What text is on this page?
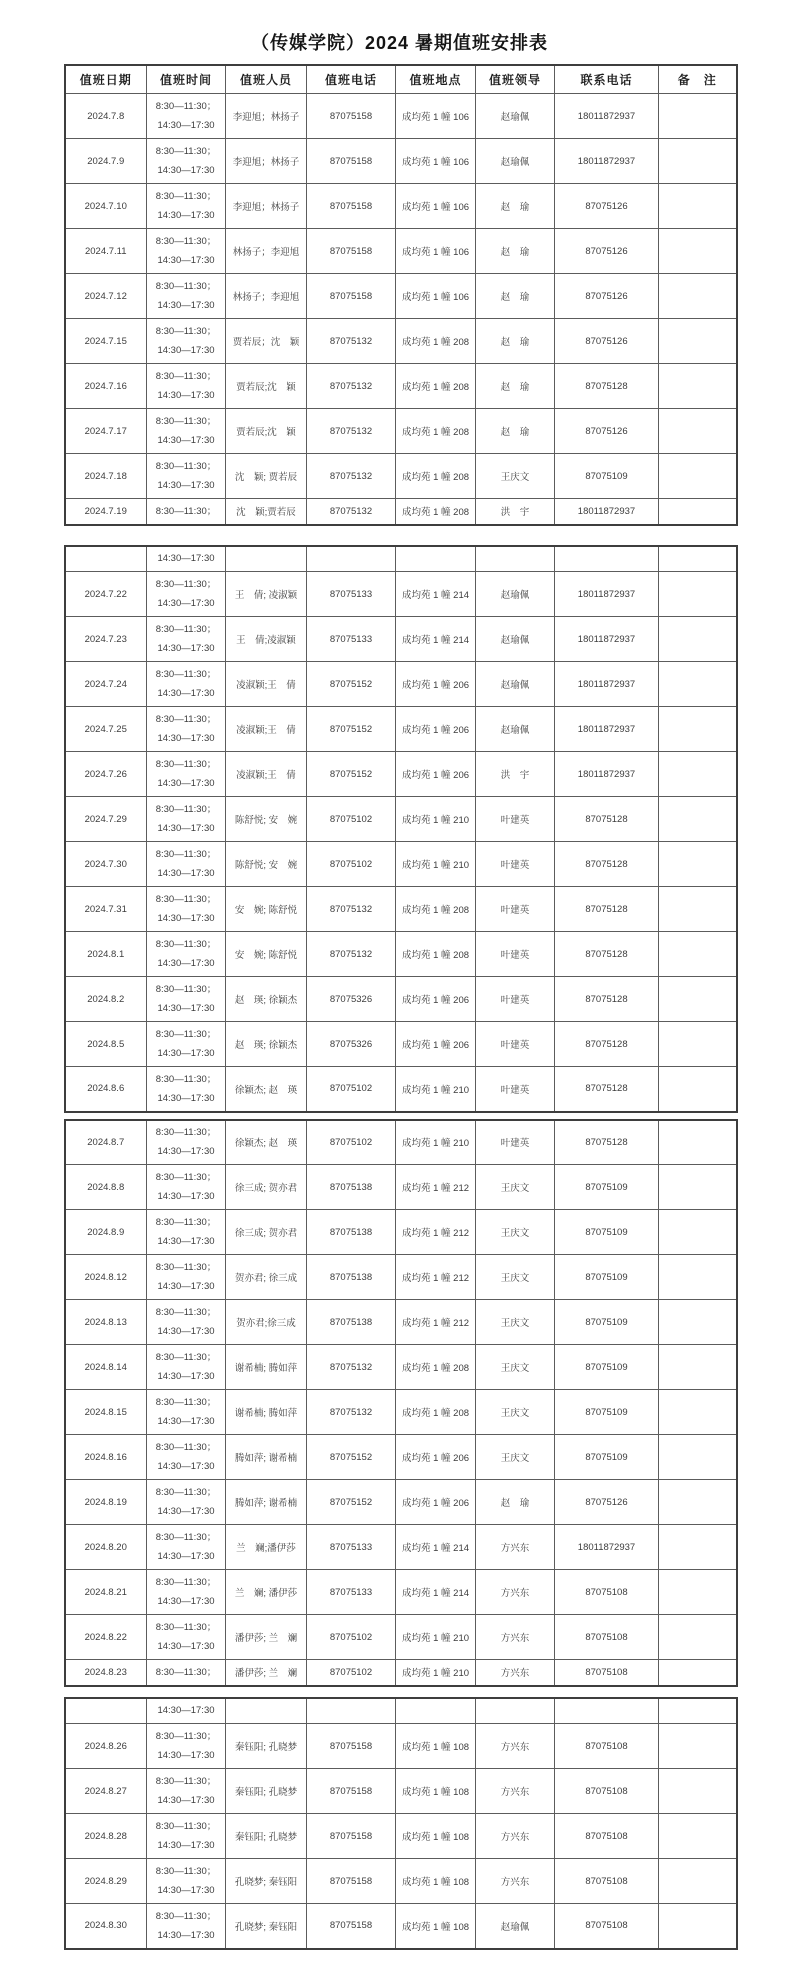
（传媒学院）2024 暑期值班安排表
值班日期	值班时间	值班人员	值班电话	值班地点	值班领导	联系电话	备　注
2024.7.8	8:30—11:30；
14:30—17:30	李迎旭；林扬子	87075158	成均苑 1 幢 106	赵瑜佩	18011872937	
2024.7.9	8:30—11:30；
14:30—17:30	李迎旭；林扬子	87075158	成均苑 1 幢 106	赵瑜佩	18011872937	
2024.7.10	8:30—11:30；
14:30—17:30	李迎旭；林扬子	87075158	成均苑 1 幢 106	赵　瑜	87075126	
2024.7.11	8:30—11:30；
14:30—17:30	林扬子；李迎旭	87075158	成均苑 1 幢 106	赵　瑜	87075126	
2024.7.12	8:30—11:30；
14:30—17:30	林扬子；李迎旭	87075158	成均苑 1 幢 106	赵　瑜	87075126	
2024.7.15	8:30—11:30；
14:30—17:30	贾若辰；沈　颖	87075132	成均苑 1 幢 208	赵　瑜	87075126	
2024.7.16	8:30—11:30；
14:30—17:30	贾若辰;沈　颖	87075132	成均苑 1 幢 208	赵　瑜	87075128	
2024.7.17	8:30—11:30；
14:30—17:30	贾若辰;沈　颖	87075132	成均苑 1 幢 208	赵　瑜	87075126	
2024.7.18	8:30—11:30；
14:30—17:30	沈　颖; 贾若辰	87075132	成均苑 1 幢 208	王庆文	87075109	
2024.7.19	8:30—11:30；	沈　颖;贾若辰	87075132	成均苑 1 幢 208	洪　宇	18011872937	

	14:30—17:30						

2024.7.22	8:30—11:30；
14:30—17:30	王　倩; 凌淑颖	87075133	成均苑 1 幢 214	赵瑜佩	18011872937	
2024.7.23	8:30—11:30；
14:30—17:30	王　倩;凌淑颖	87075133	成均苑 1 幢 214	赵瑜佩	18011872937	
2024.7.24	8:30—11:30；
14:30—17:30	凌淑颖;王　倩	87075152	成均苑 1 幢 206	赵瑜佩	18011872937	
2024.7.25	8:30—11:30；
14:30—17:30	凌淑颖;王　倩	87075152	成均苑 1 幢 206	赵瑜佩	18011872937	
2024.7.26	8:30—11:30；
14:30—17:30	凌淑颖;王　倩	87075152	成均苑 1 幢 206	洪　宇	18011872937	
2024.7.29	8:30—11:30；
14:30—17:30	陈舒悦; 安　婉	87075102	成均苑 1 幢 210	叶建英	87075128	
2024.7.30	8:30—11:30；
14:30—17:30	陈舒悦; 安　婉	87075102	成均苑 1 幢 210	叶建英	87075128	
2024.7.31	8:30—11:30；
14:30—17:30	安　婉; 陈舒悦	87075132	成均苑 1 幢 208	叶建英	87075128	
2024.8.1	8:30—11:30；
14:30—17:30	安　婉; 陈舒悦	87075132	成均苑 1 幢 208	叶建英	87075128	
2024.8.2	8:30—11:30；
14:30—17:30	赵　瑛; 徐颖杰	87075326	成均苑 1 幢 206	叶建英	87075128	
2024.8.5	8:30—11:30；
14:30—17:30	赵　瑛; 徐颖杰	87075326	成均苑 1 幢 206	叶建英	87075128	
2024.8.6	8:30—11:30；
14:30—17:30	徐颖杰; 赵　瑛	87075102	成均苑 1 幢 210	叶建英	87075128	
2024.8.7	8:30—11:30；
14:30—17:30	徐颖杰; 赵　瑛	87075102	成均苑 1 幢 210	叶建英	87075128	
2024.8.8	8:30—11:30；
14:30—17:30	徐三成; 贺亦君	87075138	成均苑 1 幢 212	王庆文	87075109	
2024.8.9	8:30—11:30；
14:30—17:30	徐三成; 贺亦君	87075138	成均苑 1 幢 212	王庆文	87075109	
2024.8.12	8:30—11:30；
14:30—17:30	贺亦君; 徐三成	87075138	成均苑 1 幢 212	王庆文	87075109	
2024.8.13	8:30—11:30；
14:30—17:30	贺亦君;徐三成	87075138	成均苑 1 幢 212	王庆文	87075109	
2024.8.14	8:30—11:30；
14:30—17:30	谢希楠; 腾如萍	87075132	成均苑 1 幢 208	王庆文	87075109	
2024.8.15	8:30—11:30；
14:30—17:30	谢希楠; 腾如萍	87075132	成均苑 1 幢 208	王庆文	87075109	
2024.8.16	8:30—11:30；
14:30—17:30	腾如萍; 谢希楠	87075152	成均苑 1 幢 206	王庆文	87075109	
2024.8.19	8:30—11:30；
14:30—17:30	腾如萍; 谢希楠	87075152	成均苑 1 幢 206	赵　瑜	87075126	
2024.8.20	8:30—11:30；
14:30—17:30	兰　斓;潘伊莎	87075133	成均苑 1 幢 214	方兴东	18011872937	
2024.8.21	8:30—11:30；
14:30—17:30	兰　斓; 潘伊莎	87075133	成均苑 1 幢 214	方兴东	87075108	
2024.8.22	8:30—11:30；
14:30—17:30	潘伊莎; 兰　斓	87075102	成均苑 1 幢 210	方兴东	87075108	
2024.8.23	8:30—11:30；	潘伊莎; 兰　斓	87075102	成均苑 1 幢 210	方兴东	87075108	

	14:30—17:30						

2024.8.26	8:30—11:30；
14:30—17:30	秦钰阳; 孔晓梦	87075158	成均苑 1 幢 108	方兴东	87075108	
2024.8.27	8:30—11:30；
14:30—17:30	秦钰阳; 孔晓梦	87075158	成均苑 1 幢 108	方兴东	87075108	
2024.8.28	8:30—11:30；
14:30—17:30	秦钰阳; 孔晓梦	87075158	成均苑 1 幢 108	方兴东	87075108	
2024.8.29	8:30—11:30；
14:30—17:30	孔晓梦; 秦钰阳	87075158	成均苑 1 幢 108	方兴东	87075108	
2024.8.30	8:30—11:30；
14:30—17:30	孔晓梦; 秦钰阳	87075158	成均苑 1 幢 108	赵瑜佩	87075108	
